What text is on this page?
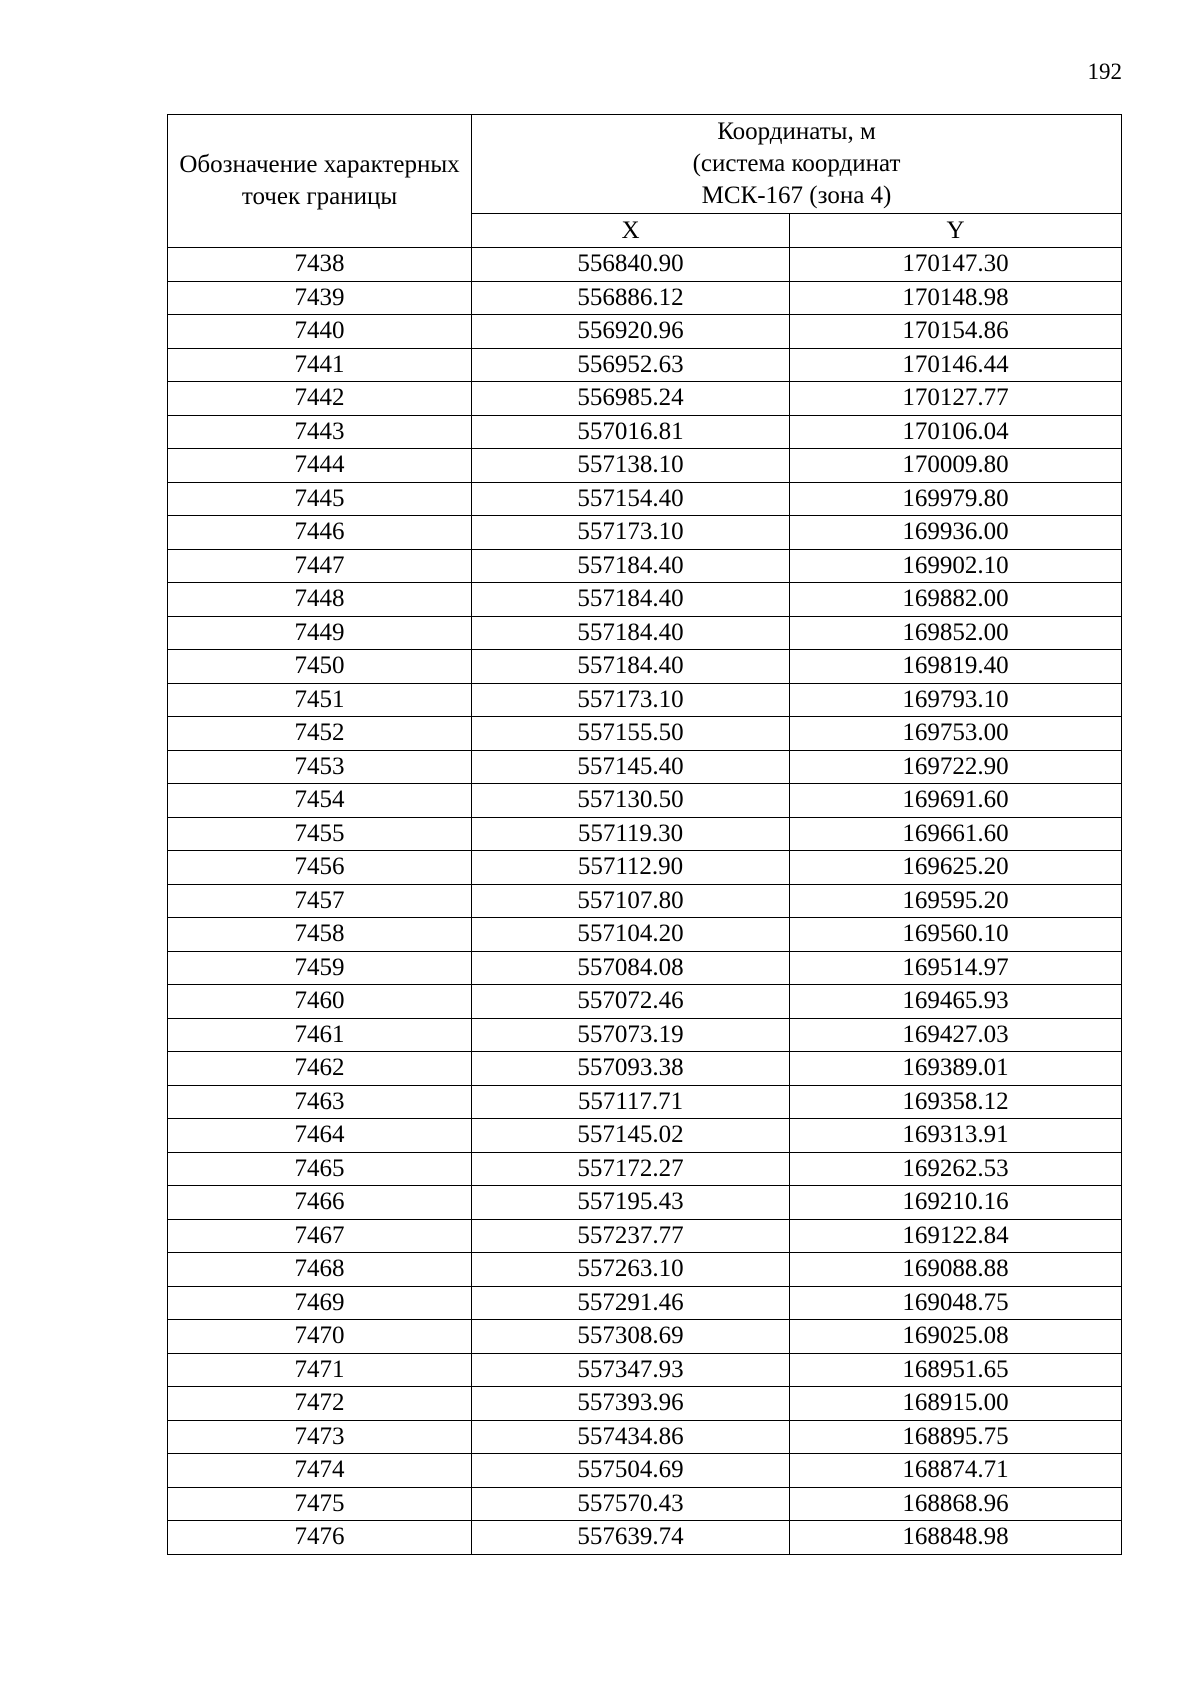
192
Обозначение характерных точек границы	Координаты, м
(система координат
МСК-167 (зона 4)	

	X	Y
7438	556840.90	170147.30
7439	556886.12	170148.98
7440	556920.96	170154.86
7441	556952.63	170146.44
7442	556985.24	170127.77
7443	557016.81	170106.04
7444	557138.10	170009.80
7445	557154.40	169979.80
7446	557173.10	169936.00
7447	557184.40	169902.10
7448	557184.40	169882.00
7449	557184.40	169852.00
7450	557184.40	169819.40
7451	557173.10	169793.10
7452	557155.50	169753.00
7453	557145.40	169722.90
7454	557130.50	169691.60
7455	557119.30	169661.60
7456	557112.90	169625.20
7457	557107.80	169595.20
7458	557104.20	169560.10
7459	557084.08	169514.97
7460	557072.46	169465.93
7461	557073.19	169427.03
7462	557093.38	169389.01
7463	557117.71	169358.12
7464	557145.02	169313.91
7465	557172.27	169262.53
7466	557195.43	169210.16
7467	557237.77	169122.84
7468	557263.10	169088.88
7469	557291.46	169048.75
7470	557308.69	169025.08
7471	557347.93	168951.65
7472	557393.96	168915.00
7473	557434.86	168895.75
7474	557504.69	168874.71
7475	557570.43	168868.96
7476	557639.74	168848.98
